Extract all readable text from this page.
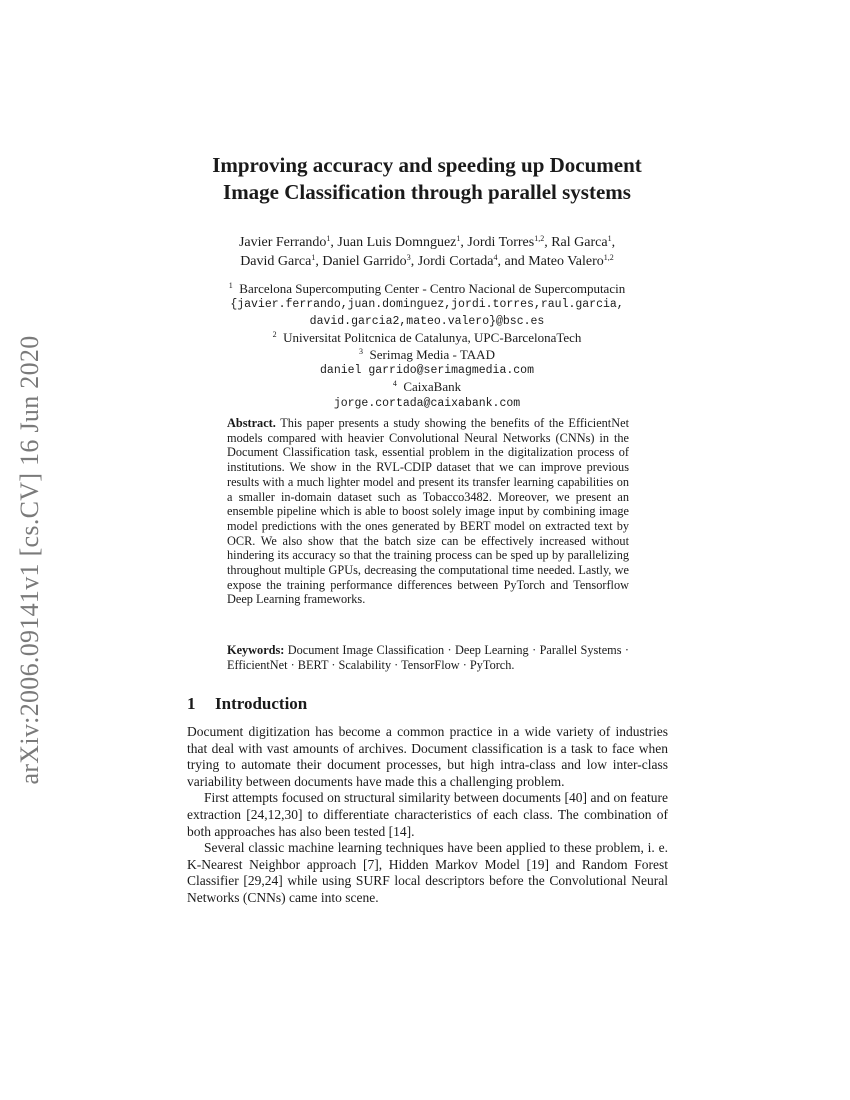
arXiv:2006.09141v1 [cs.CV] 16 Jun 2020
Improving accuracy and speeding up Document
Image Classification through parallel systems
Javier Ferrando$^1$, Juan Luis Domnguez$^1$, Jordi Torres$^{1,2}$, Ral Garca$^1$,
David Garca$^1$, Daniel Garrido$^3$, Jordi Cortada$^4$, and Mateo Valero$^{1,2}$
$^1$ Barcelona Supercomputing Center - Centro Nacional de Supercomputacin
{javier.ferrando,juan.dominguez,jordi.torres,raul.garcia,
david.garcia2,mateo.valero}@bsc.es
$^2$ Universitat Politcnica de Catalunya, UPC-BarcelonaTech
$^3$ Serimag Media - TAAD
daniel garrido@serimagmedia.com
$^4$ CaixaBank
jorge.cortada@caixabank.com
Abstract. This paper presents a study showing the benefits of the EfficientNet models compared with heavier Convolutional Neural Networks (CNNs) in the Document Classification task, essential problem in the digitalization process of institutions. We show in the RVL-CDIP dataset that we can improve previous results with a much lighter model and present its transfer learning capabilities on a smaller in-domain dataset such as Tobacco3482. Moreover, we present an ensemble pipeline which is able to boost solely image input by combining image model predictions with the ones generated by BERT model on extracted text by OCR. We also show that the batch size can be effectively increased without hindering its accuracy so that the training process can be sped up by parallelizing throughout multiple GPUs, decreasing the computational time needed. Lastly, we expose the training performance differences between PyTorch and Tensorflow Deep Learning frameworks.
Keywords: Document Image Classification · Deep Learning · Parallel Systems · EfficientNet · BERT · Scalability · TensorFlow · PyTorch.
1 Introduction

Document digitization has become a common practice in a wide variety of industries that deal with vast amounts of archives. Document classification is a task to face when trying to automate their document processes, but high intra-class and low inter-class variability between documents have made this a challenging problem.

First attempts focused on structural similarity between documents [40] and on feature extraction [24,12,30] to differentiate characteristics of each class. The combination of both approaches has also been tested [14].

Several classic machine learning techniques have been applied to these problem, i. e. K-Nearest Neighbor approach [7], Hidden Markov Model [19] and Random Forest Classifier [29,24] while using SURF local descriptors before the Convolutional Neural Networks (CNNs) came into scene.
